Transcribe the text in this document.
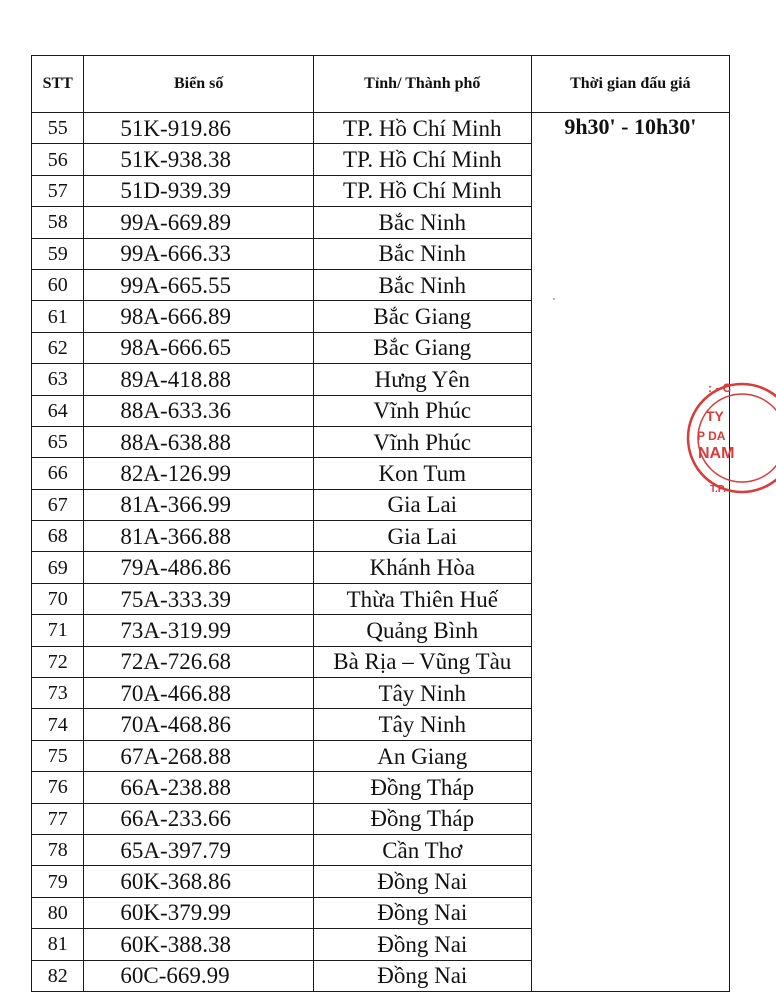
STT	Biển số	Tỉnh/ Thành phố	Thời gian đấu giá
55	51K-919.86	TP. Hồ Chí Minh	9h30' - 10h30'
56	51K-938.38	TP. Hồ Chí Minh	
57	51D-939.39	TP. Hồ Chí Minh	
58	99A-669.89	Bắc Ninh	
59	99A-666.33	Bắc Ninh	
60	99A-665.55	Bắc Ninh	
61	98A-666.89	Bắc Giang	
62	98A-666.65	Bắc Giang	
63	89A-418.88	Hưng Yên	
64	88A-633.36	Vĩnh Phúc	
65	88A-638.88	Vĩnh Phúc	
66	82A-126.99	Kon Tum	
67	81A-366.99	Gia Lai	
68	81A-366.88	Gia Lai	
69	79A-486.86	Khánh Hòa	
70	75A-333.39	Thừa Thiên Huế	
71	73A-319.99	Quảng Bình	
72	72A-726.68	Bà Rịa – Vũng Tàu	
73	70A-466.88	Tây Ninh	
74	70A-468.86	Tây Ninh	
75	67A-268.88	An Giang	
76	66A-238.88	Đồng Tháp	
77	66A-233.66	Đồng Tháp	
78	65A-397.79	Cần Thơ	
79	60K-368.86	Đồng Nai	
80	60K-379.99	Đồng Nai	
81	60K-388.38	Đồng Nai	
82	60C-669.99	Đồng Nai	
: - C
T.P.
TY
P DA
NAM
